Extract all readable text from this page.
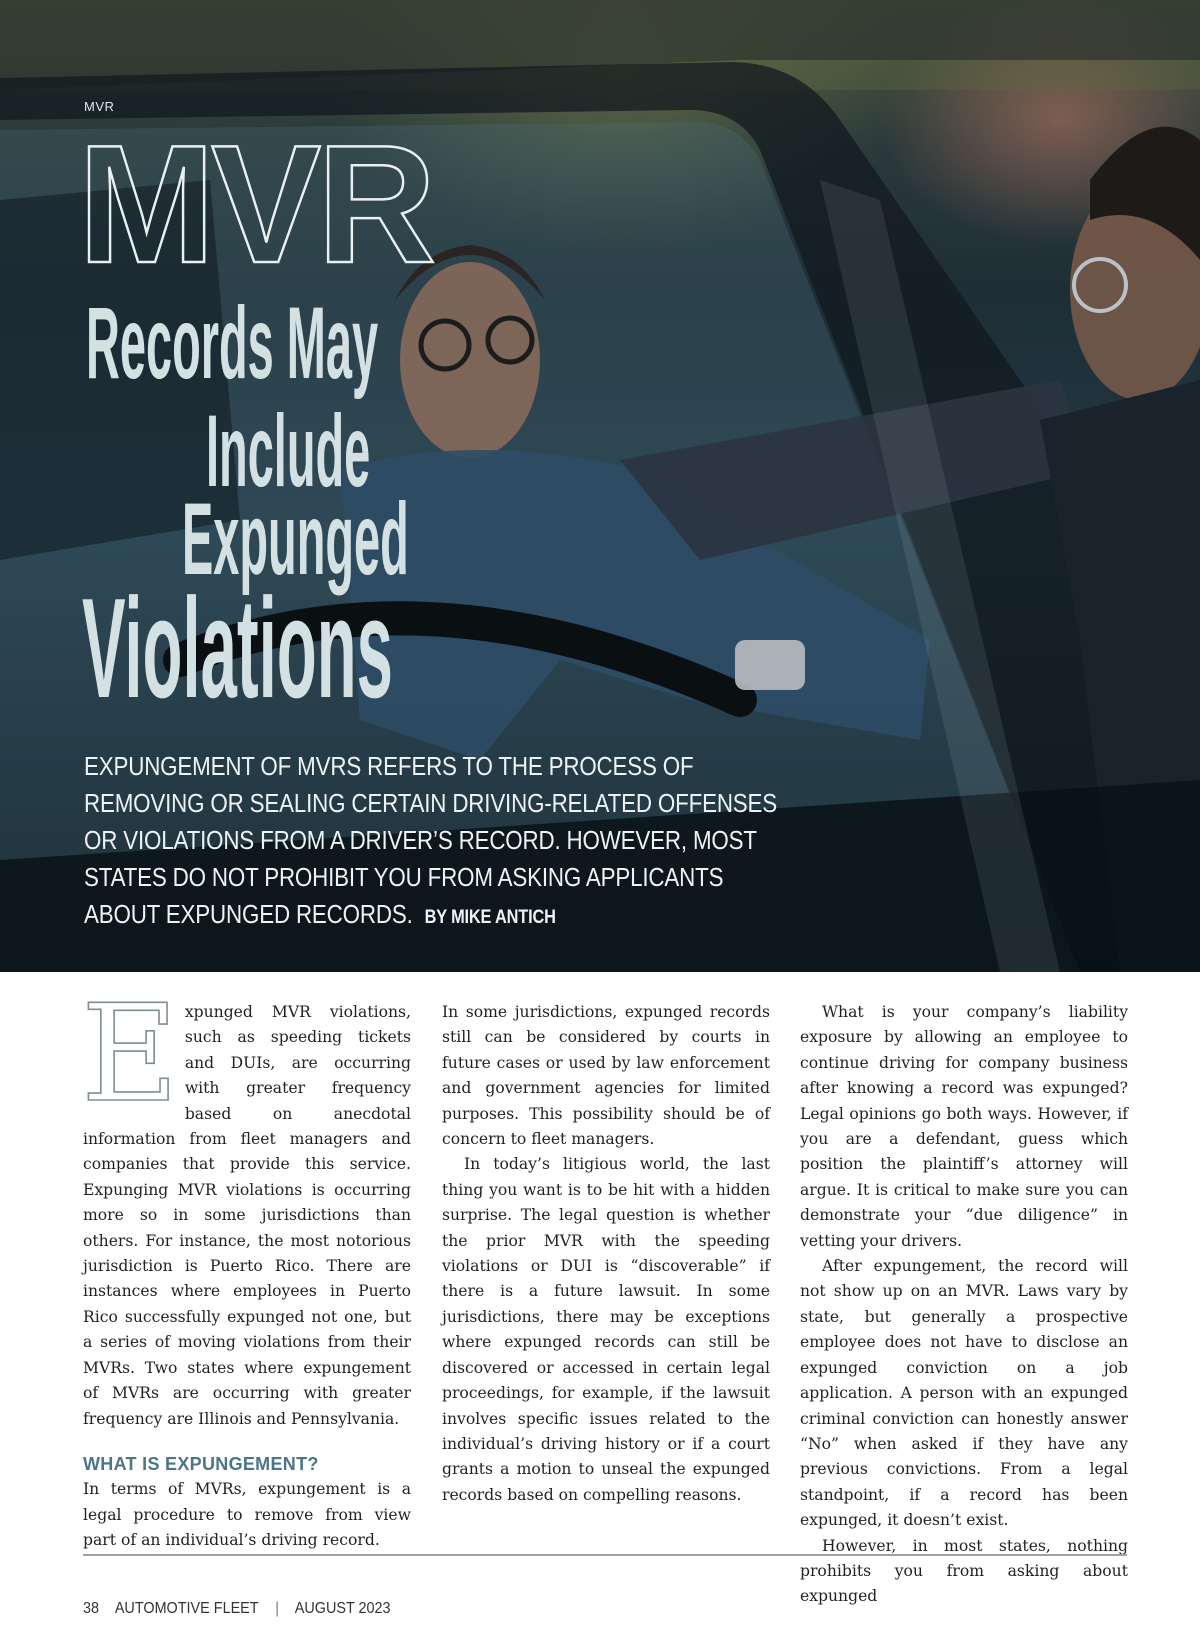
MVR

MVR
Records May
Include
Expunged
Violations
EXPUNGEMENT OF MVRS REFERS TO THE PROCESS OF
REMOVING OR SEALING CERTAIN DRIVING-RELATED OFFENSES
OR VIOLATIONS FROM A DRIVER’S RECORD. HOWEVER, MOST
STATES DO NOT PROHIBIT YOU FROM ASKING APPLICANTS
ABOUT EXPUNGED RECORDS. BY MIKE ANTICH

Expunged MVR violations, such as speeding tickets and DUIs, are occurring with greater frequency based on anecdotal information from fleet managers and companies that provide this service. Expunging MVR violations is occurring more so in some jurisdictions than others. For instance, the most notorious jurisdiction is Puerto Rico. There are instances where employees in Puerto Rico successfully expunged not one, but a series of moving violations from their MVRs. Two states where expungement of MVRs are occurring with greater frequency are Illinois and Pennsylvania.

WHAT IS EXPUNGEMENT?

In terms of MVRs, expungement is a legal procedure to remove from view part of an individual’s driving record.

In some jurisdictions, expunged records still can be considered by courts in future cases or used by law enforcement and government agencies for limited purposes. This possibility should be of concern to fleet managers.

In today’s litigious world, the last thing you want is to be hit with a hidden surprise. The legal question is whether the prior MVR with the speeding violations or DUI is “discoverable” if there is a future lawsuit. In some jurisdictions, there may be exceptions where expunged records can still be discovered or accessed in certain legal proceedings, for example, if the lawsuit involves specific issues related to the individual’s driving history or if a court grants a motion to unseal the expunged records based on compelling reasons.

What is your company’s liability exposure by allowing an employee to continue driving for company business after knowing a record was expunged? Legal opinions go both ways. However, if you are a defendant, guess which position the plaintiff’s attorney will argue. It is critical to make sure you can demonstrate your “due diligence” in vetting your drivers.

After expungement, the record will not show up on an MVR. Laws vary by state, but generally a prospective employee does not have to disclose an expunged conviction on a job application. A person with an expunged criminal conviction can honestly answer “No” when asked if they have any previous convictions. From a legal standpoint, if a record has been expunged, it doesn’t exist.

However, in most states, nothing prohibits you from asking about expunged

38 AUTOMOTIVE FLEET | AUGUST 2023
